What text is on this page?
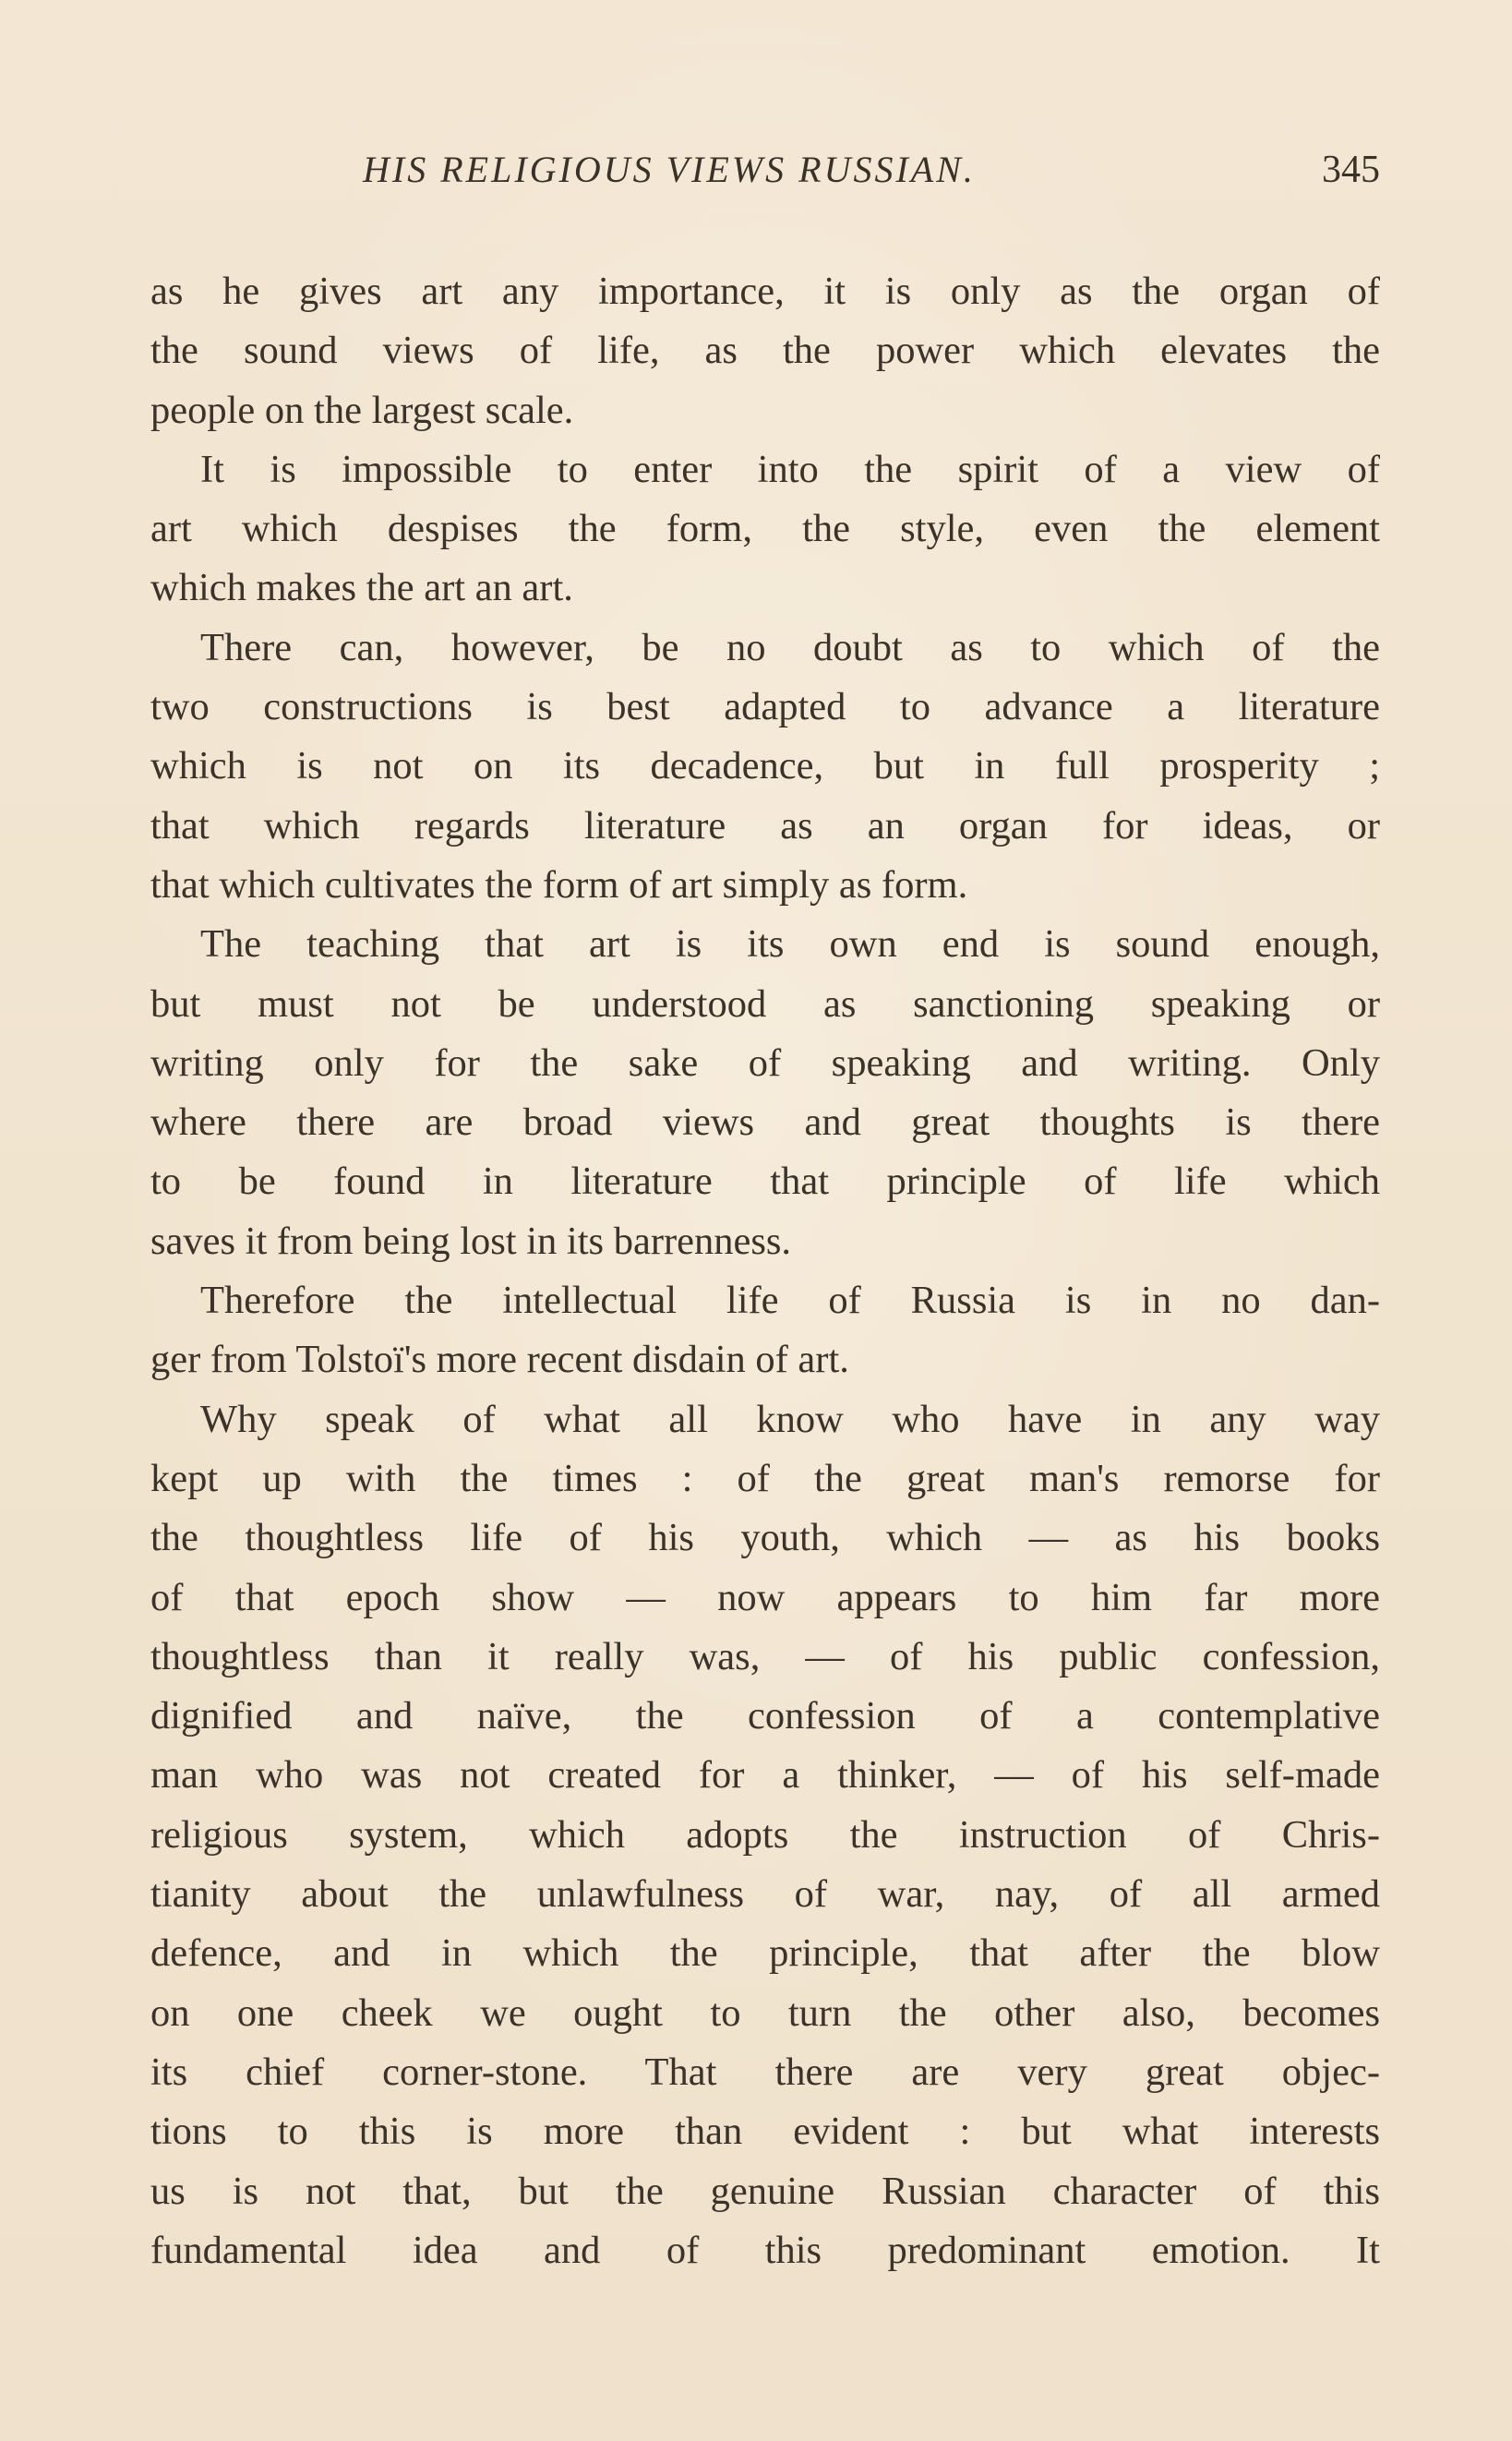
HIS RELIGIOUS VIEWS RUSSIAN.	345
as he gives art any importance, it is only as the organ of
the sound views of life, as the power which elevates the
people on the largest scale.
It is impossible to enter into the spirit of a view of
art which despises the form, the style, even the element
which makes the art an art.
There can, however, be no doubt as to which of the
two constructions is best adapted to advance a literature
which is not on its decadence, but in full prosperity ;
that which regards literature as an organ for ideas, or
that which cultivates the form of art simply as form.
The teaching that art is its own end is sound enough,
but must not be understood as sanctioning speaking or
writing only for the sake of speaking and writing. Only
where there are broad views and great thoughts is there
to be found in literature that principle of life which
saves it from being lost in its barrenness.
Therefore the intellectual life of Russia is in no dan-
ger from Tolstoï's more recent disdain of art.
Why speak of what all know who have in any way
kept up with the times : of the great man's remorse for
the thoughtless life of his youth, which — as his books
of that epoch show — now appears to him far more
thoughtless than it really was, — of his public confession,
dignified and naïve, the confession of a contemplative
man who was not created for a thinker, — of his self-made
religious system, which adopts the instruction of Chris-
tianity about the unlawfulness of war, nay, of all armed
defence, and in which the principle, that after the blow
on one cheek we ought to turn the other also, becomes
its chief corner-stone. That there are very great objec-
tions to this is more than evident : but what interests
us is not that, but the genuine Russian character of this
fundamental idea and of this predominant emotion. It
